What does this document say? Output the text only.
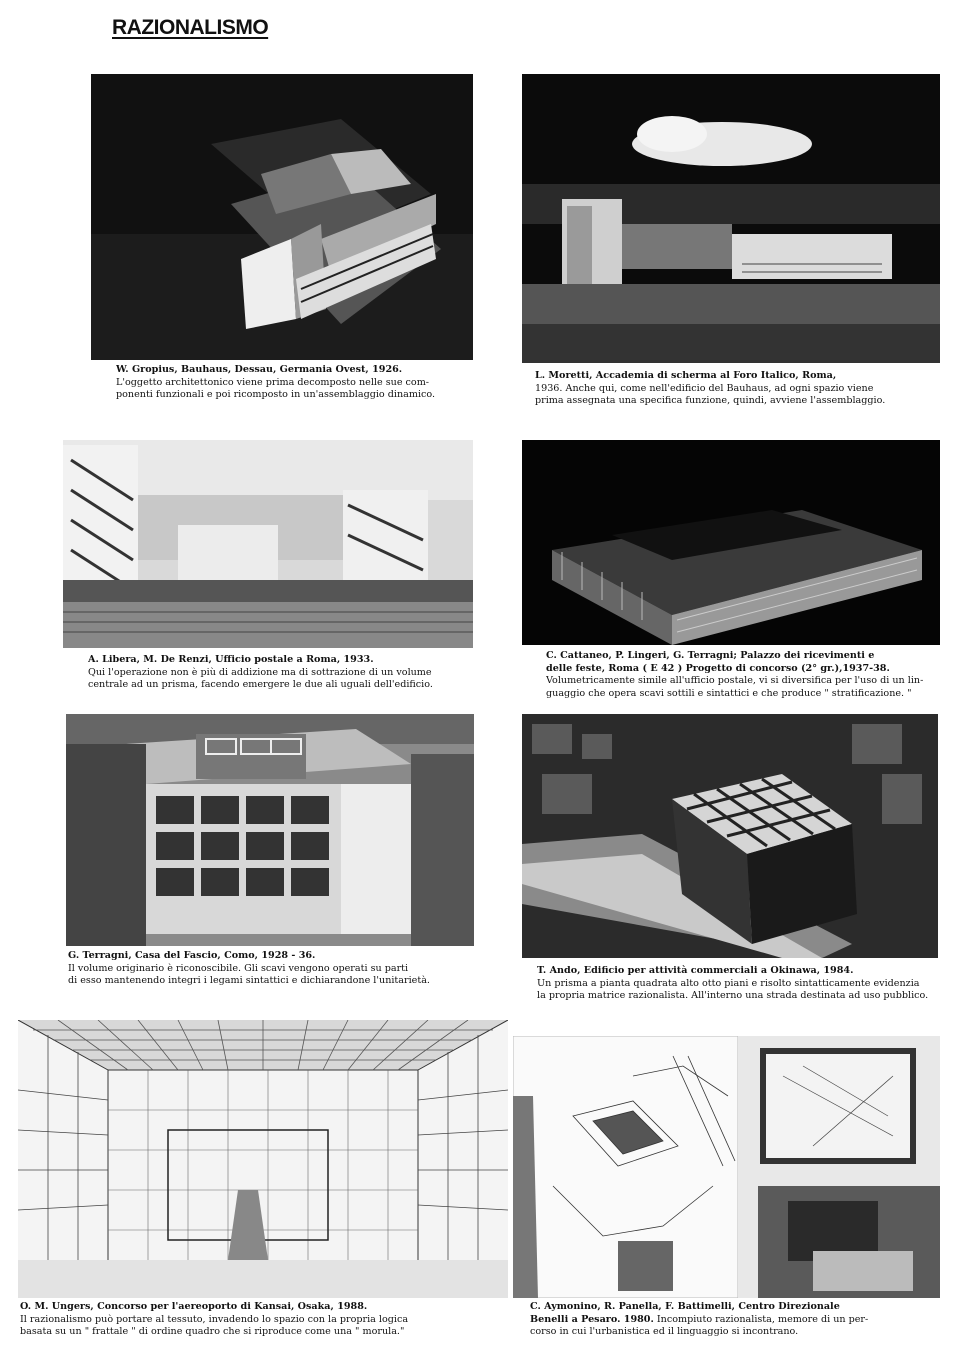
RAZIONALISMO
W. Gropius, Bauhaus, Dessau, Germania Ovest, 1926.
L'oggetto architettonico viene prima decomposto nelle sue com-
ponenti funzionali e poi ricomposto in un'assemblaggio dinamico.
L. Moretti, Accademia di scherma al Foro Italico, Roma,
1936. Anche qui, come nell'edificio del Bauhaus, ad ogni spazio viene
prima assegnata una specifica funzione, quindi, avviene l'assemblaggio.
A. Libera, M. De Renzi, Ufficio postale a Roma, 1933.
Qui l'operazione non è più di addizione ma di sottrazione di un volume
centrale ad un prisma, facendo emergere le due ali uguali dell'edificio.
C. Cattaneo, P. Lingeri, G. Terragni; Palazzo dei ricevimenti e
delle feste, Roma ( E 42 ) Progetto di concorso (2° gr.),1937-38.
Volumetricamente simile all'ufficio postale, vi si diversifica per l'uso di un lin-
guaggio che opera scavi sottili e sintattici e che produce " stratificazione. "
G. Terragni, Casa del Fascio, Como, 1928 - 36.
Il volume originario è riconoscibile. Gli scavi vengono operati su parti
di esso mantenendo integri i legami sintattici e dichiarandone l'unitarietà.
T. Ando, Edificio per attività commerciali a Okinawa, 1984.
Un prisma a pianta quadrata alto otto piani e risolto sintatticamente evidenzia
la propria matrice razionalista. All'interno una strada destinata ad uso pubblico.
O. M. Ungers, Concorso per l'aereoporto di Kansai, Osaka, 1988.
Il razionalismo può portare al tessuto, invadendo lo spazio con la propria logica
basata su un " frattale " di ordine quadro che si riproduce come una " morula."
C. Aymonino, R. Panella, F. Battimelli, Centro Direzionale
Benelli a Pesaro. 1980. Incompiuto razionalista, memore di un per-
corso in cui l'urbanistica ed il linguaggio si incontrano.
